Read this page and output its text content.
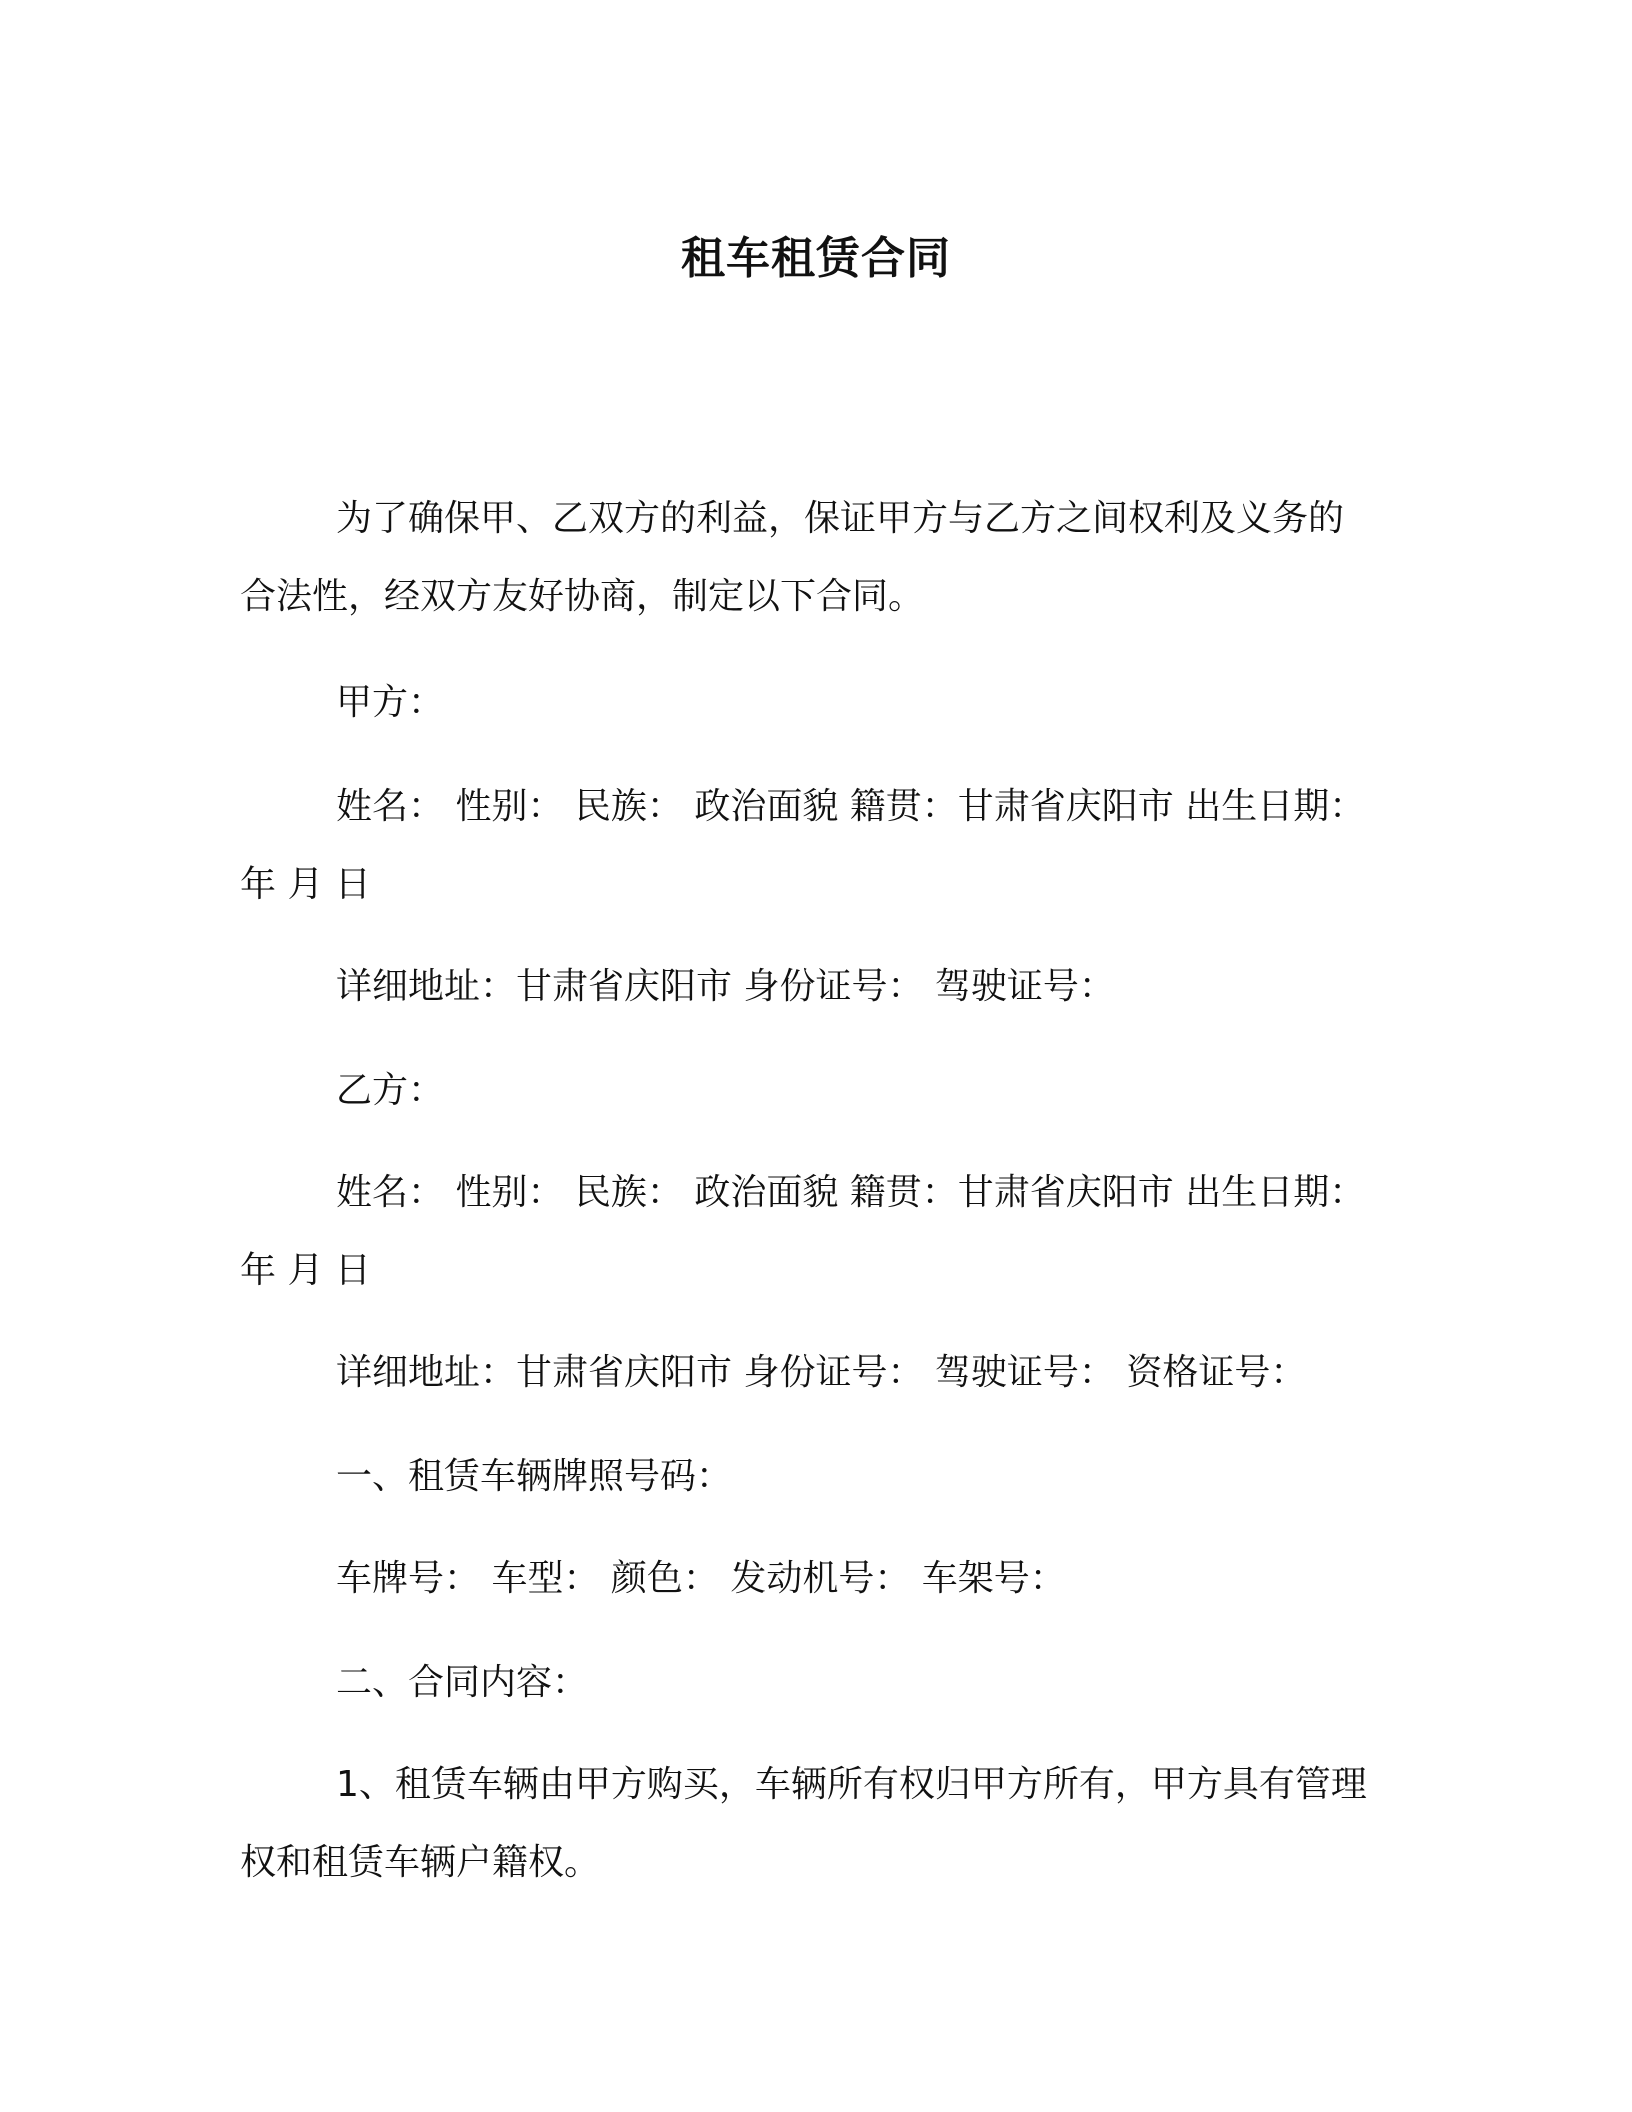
租车租赁合同
为了确保甲、乙双方的利益，保证甲方与乙方之间权利及义务的合法性，经双方友好协商，制定以下合同。
甲方：
姓名： 性别： 民族： 政治面貌 籍贯：甘肃省庆阳市 出生日期：年 月 日
详细地址：甘肃省庆阳市 身份证号： 驾驶证号：
乙方：
姓名： 性别： 民族： 政治面貌 籍贯：甘肃省庆阳市 出生日期：年 月 日
详细地址：甘肃省庆阳市 身份证号： 驾驶证号： 资格证号：
一、租赁车辆牌照号码：
车牌号： 车型： 颜色： 发动机号： 车架号：
二、合同内容：
1、租赁车辆由甲方购买，车辆所有权归甲方所有，甲方具有管理权和租赁车辆户籍权。
